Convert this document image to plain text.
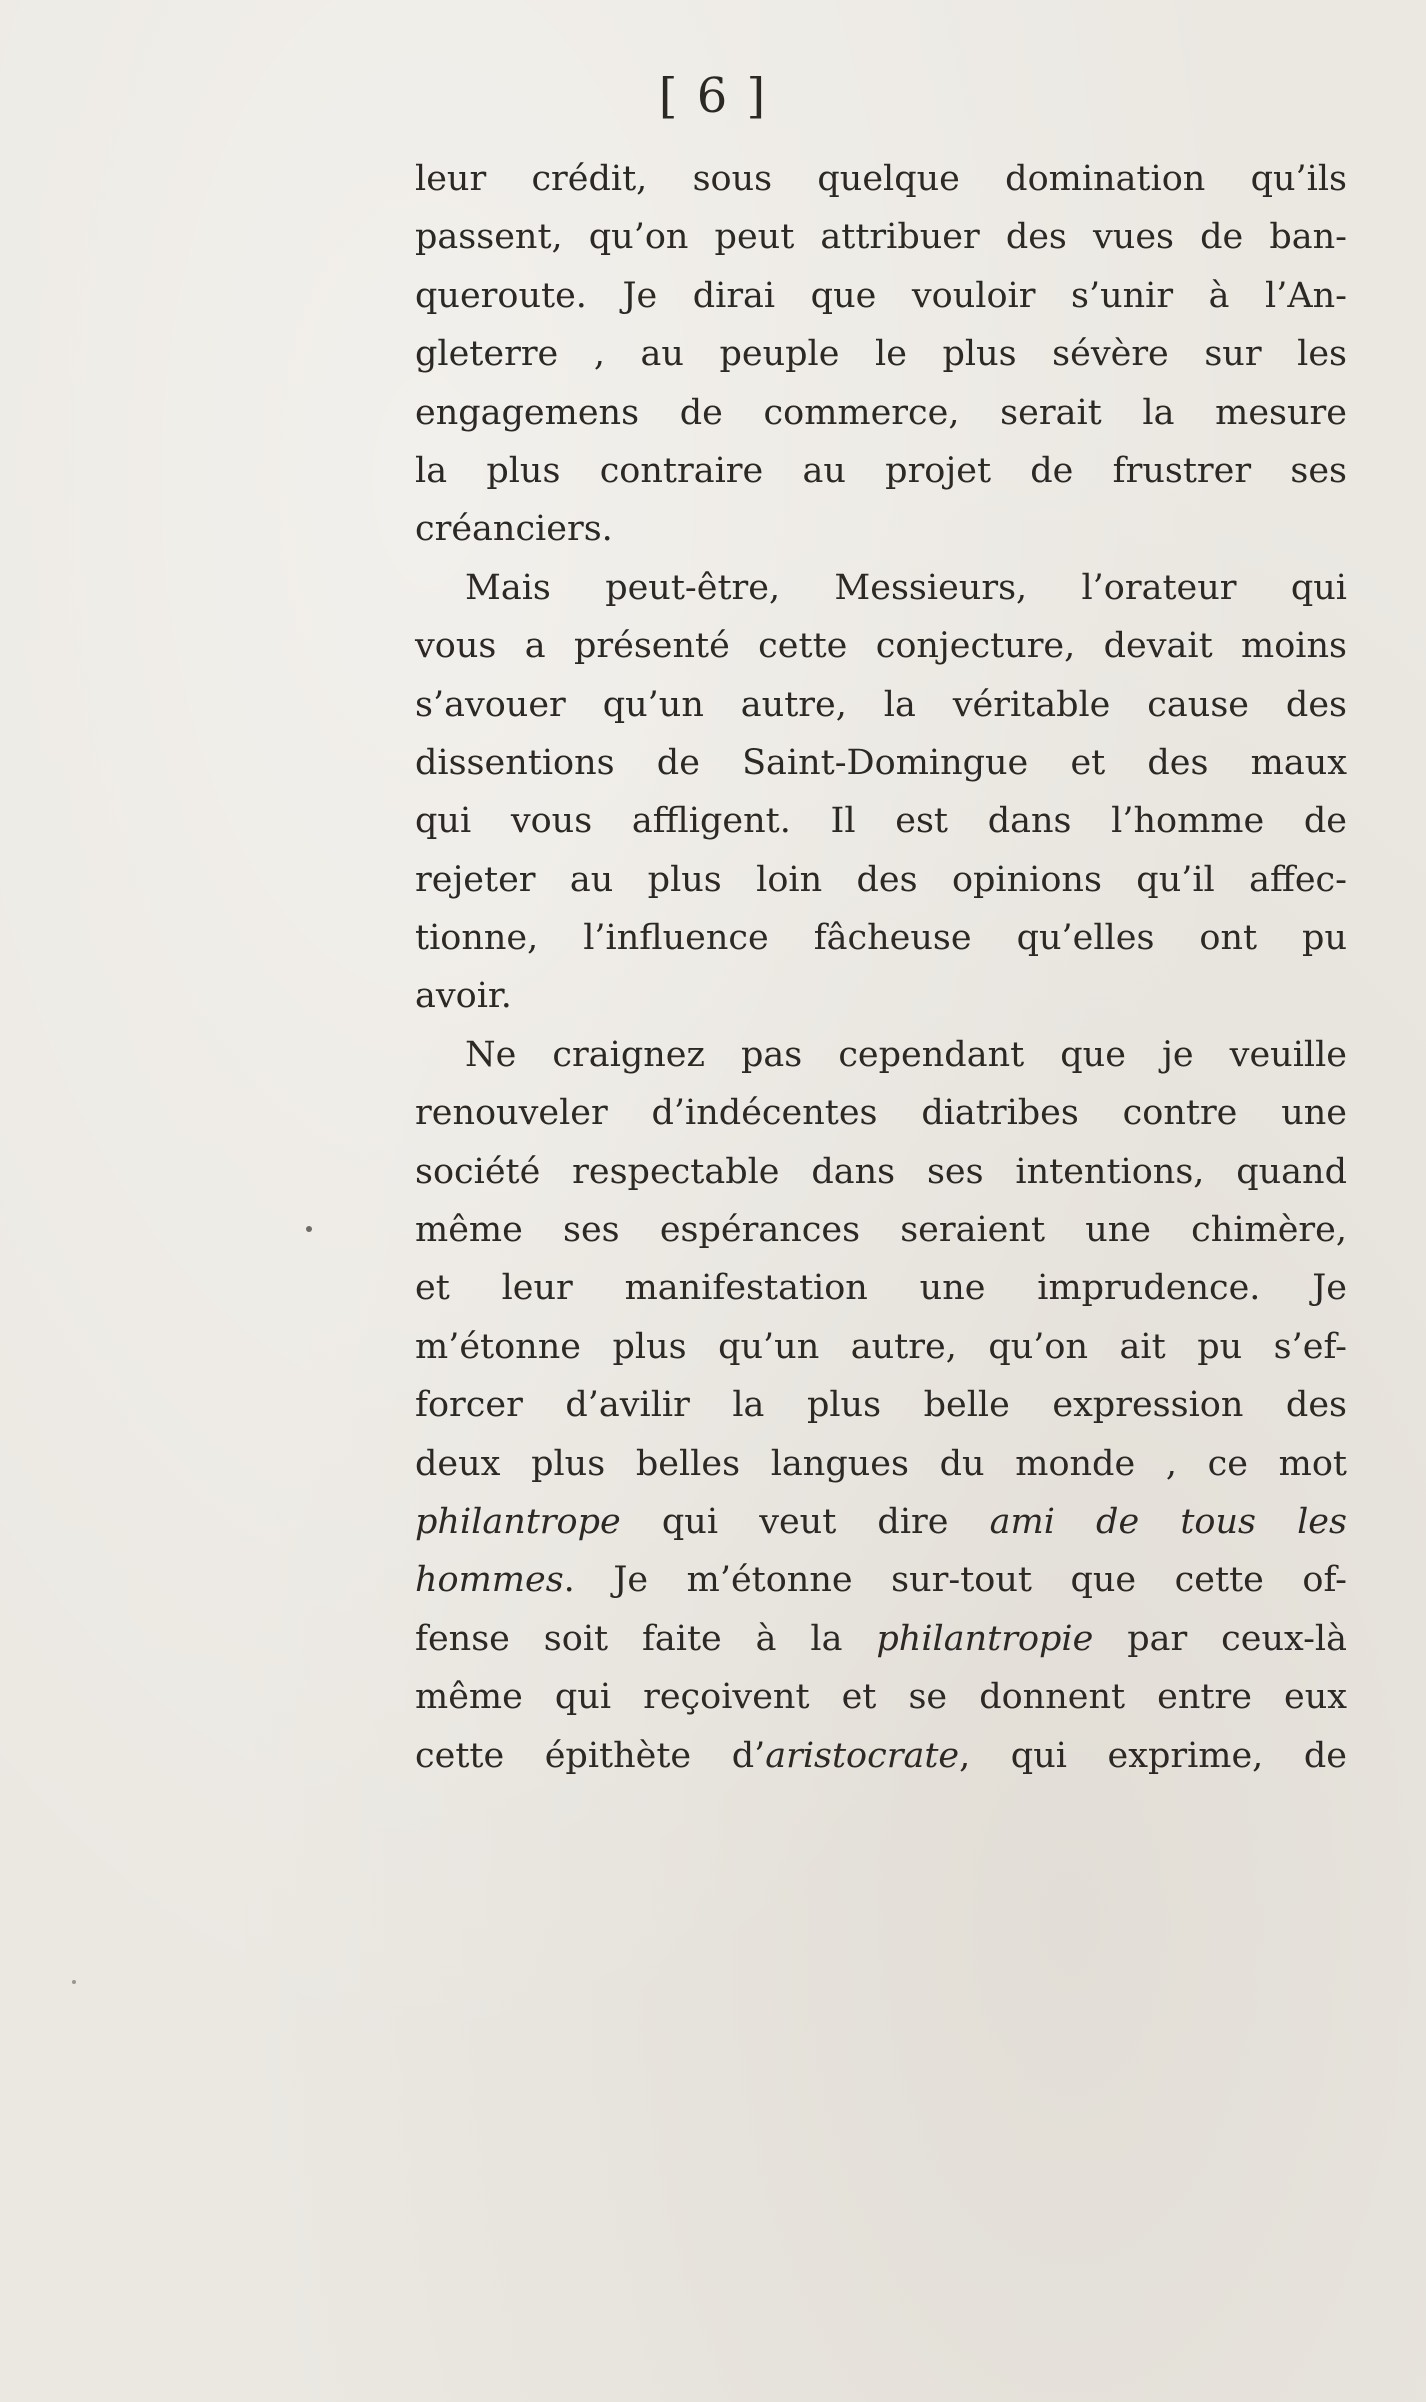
[ 6 ]
leur crédit, sous quelque domination qu’ils
passent, qu’on peut attribuer des vues de ban-
queroute. Je dirai que vouloir s’unir à l’An-
gleterre , au peuple le plus sévère sur les
engagemens de commerce, serait la mesure
la plus contraire au projet de frustrer ses
créanciers.
Mais peut-être, Messieurs, l’orateur qui
vous a présenté cette conjecture, devait moins
s’avouer qu’un autre, la véritable cause des
dissentions de Saint-Domingue et des maux
qui vous affligent. Il est dans l’homme de
rejeter au plus loin des opinions qu’il affec-
tionne, l’influence fâcheuse qu’elles ont pu
avoir.
Ne craignez pas cependant que je veuille
renouveler d’indécentes diatribes contre une
société respectable dans ses intentions, quand
même ses espérances seraient une chimère,
et leur manifestation une imprudence. Je
m’étonne plus qu’un autre, qu’on ait pu s’ef-
forcer d’avilir la plus belle expression des
deux plus belles langues du monde , ce mot
philantrope qui veut dire ami de tous les
hommes. Je m’étonne sur-tout que cette of-
fense soit faite à la philantropie par ceux-là
même qui reçoivent et se donnent entre eux
cette épithète d’aristocrate, qui exprime, de
